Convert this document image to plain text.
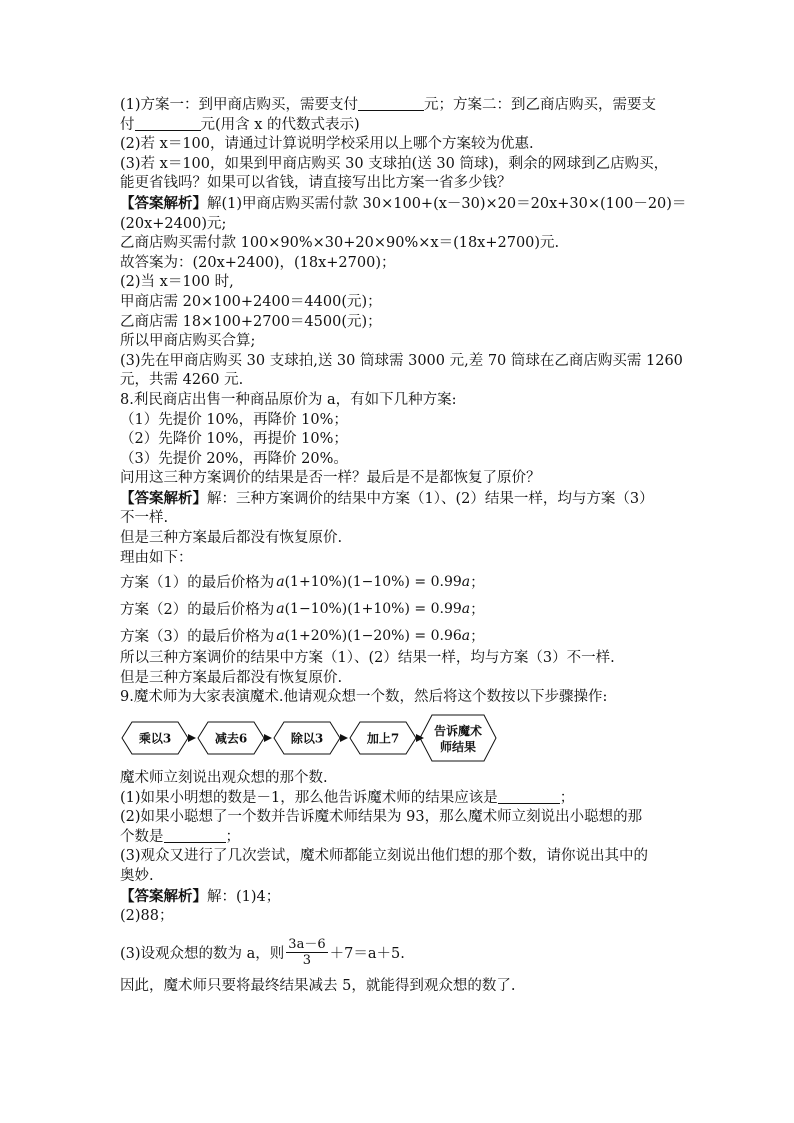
(1)方案一：到甲商店购买，需要支付	元；方案二：到乙商店购买，需要支
付	元(用含 x 的代数式表示)
(2)若 x＝100，请通过计算说明学校采用以上哪个方案较为优惠.
(3)若 x＝100，如果到甲商店购买 30 支球拍(送 30 筒球)，剩余的网球到乙店购买，
能更省钱吗？如果可以省钱，请直接写出比方案一省多少钱？
【答案解析】解(1)甲商店购买需付款 30×100+(x－30)×20＝20x+30×(100－20)＝
(20x+2400)元;
乙商店购买需付款 100×90%×30+20×90%×x＝(18x+2700)元.
故答案为：(20x+2400)，(18x+2700)；
(2)当 x＝100 时,
甲商店需 20×100+2400＝4400(元)；
乙商店需 18×100+2700＝4500(元)；
所以甲商店购买合算;
(3)先在甲商店购买 30 支球拍,送 30 筒球需 3000 元,差 70 筒球在乙商店购买需 1260
元，共需 4260 元.
8.利民商店出售一种商品原价为 a，有如下几种方案:
（1）先提价 10%，再降价 10%；
（2）先降价 10%，再提价 10%；
（3）先提价 20%，再降价 20%。
问用这三种方案调价的结果是否一样？最后是不是都恢复了原价？
【答案解析】解：三种方案调价的结果中方案（1）、(2）结果一样，均与方案（3）
不一样.
但是三种方案最后都没有恢复原价.
理由如下：
方案（1）的最后价格为 a(1+10%)(1−10%) = 0.99a ；
方案（2）的最后价格为 a(1−10%)(1+10%) = 0.99a ；
方案（3）的最后价格为 a(1+20%)(1−20%) = 0.96a ；
所以三种方案调价的结果中方案（1）、(2）结果一样，均与方案（3）不一样.
但是三种方案最后都没有恢复原价.
9.魔术师为大家表演魔术.他请观众想一个数，然后将这个数按以下步骤操作:
乘以3	减去6	除以3	加上7
告诉魔术
师结果
魔术师立刻说出观众想的那个数.
(1)如果小明想的数是－1，那么他告诉魔术师的结果应该是	；
(2)如果小聪想了一个数并告诉魔术师结果为 93，那么魔术师立刻说出小聪想的那
个数是	；
(3)观众又进行了几次尝试，魔术师都能立刻说出他们想的那个数，请你说出其中的
奥妙.
【答案解析】解：(1)4；
(2)88；
(3)设观众想的数为 a，则 $\frac{3a-6}{3} +7=a+5$.
因此，魔术师只要将最终结果减去 5，就能得到观众想的数了.
